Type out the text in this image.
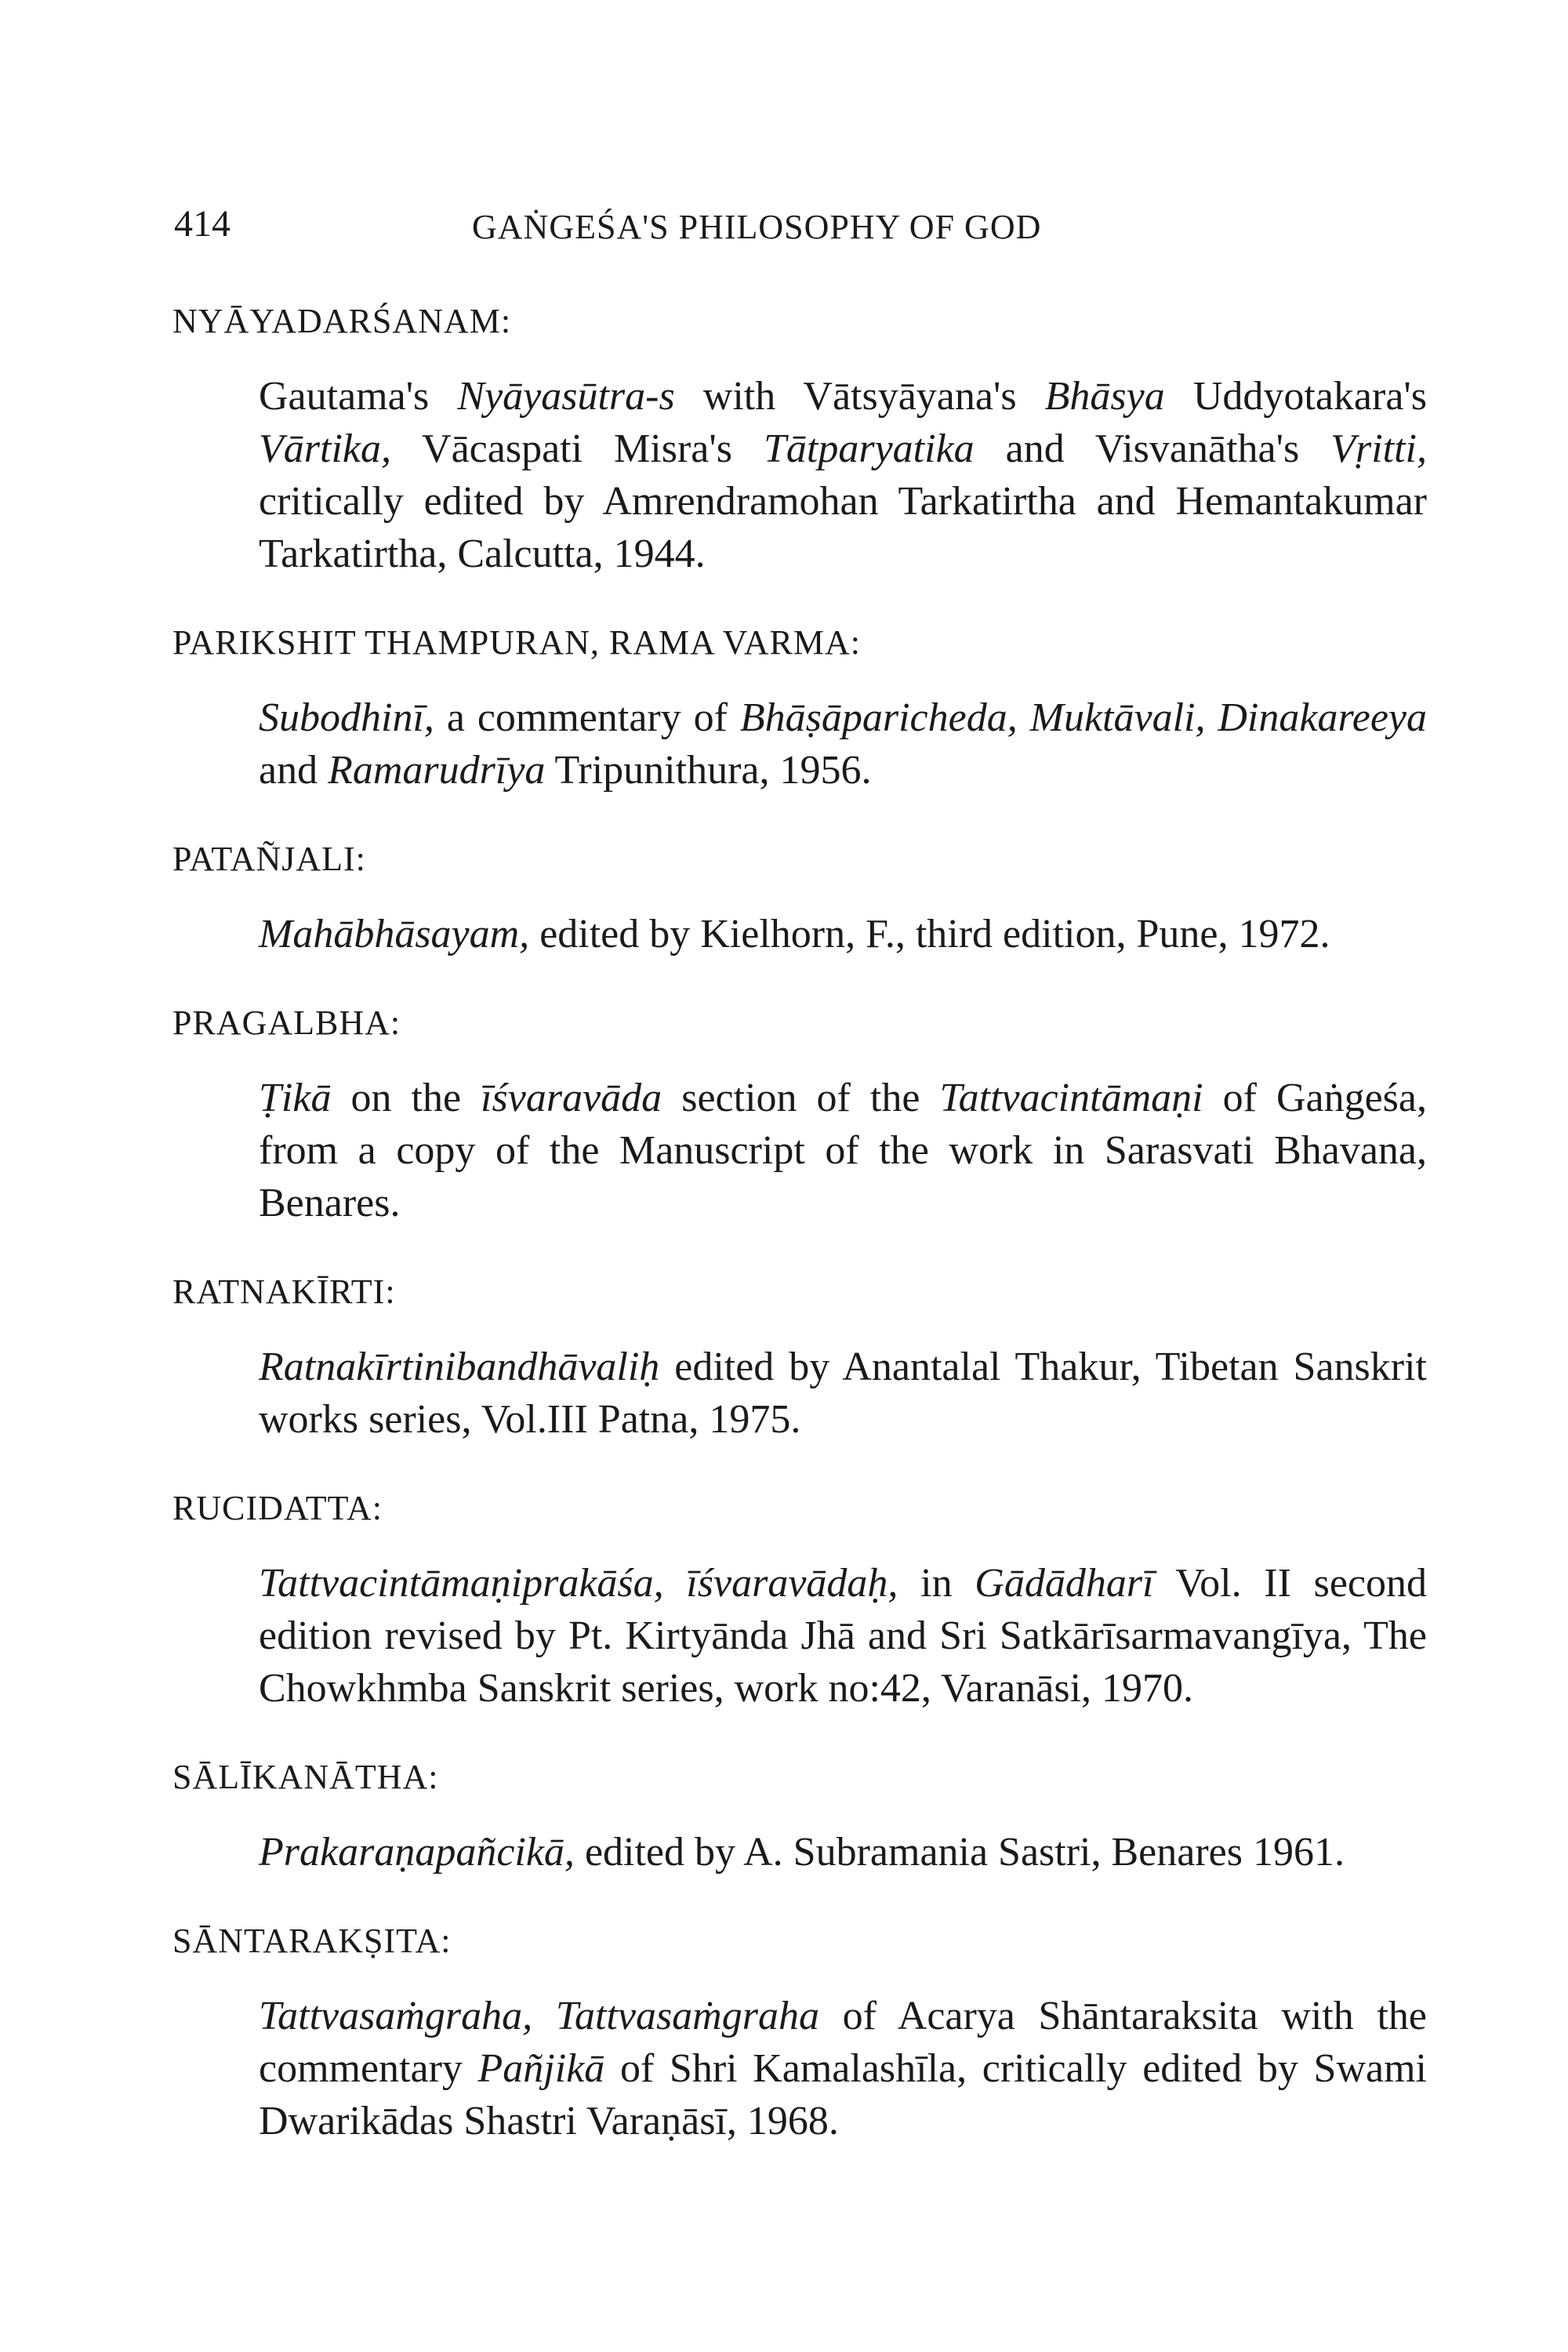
414	GAṄGEŚA'S PHILOSOPHY OF GOD
NYĀYADARŚANAM:
Gautama's Nyāyasūtra-s with Vātsyāyana's Bhāsya Uddyotakara's Vārtika, Vācaspati Misra's Tātparyatika and Visvanātha's Vṛitti, critically edited by Amrendramohan Tarkatirtha and Hemantakumar Tarkatirtha, Calcutta, 1944.
PARIKSHIT THAMPURAN, RAMA VARMA:
Subodhinī, a commentary of Bhāṣāparicheda, Muktāvali, Dinakareeya and Ramarudrīya Tripunithura, 1956.
PATAÑJALI:
Mahābhāsayam, edited by Kielhorn, F., third edition, Pune, 1972.
PRAGALBHA:
Ṭikā on the īśvaravāda section of the Tattvacintāmaṇi of Gaṅgeśa, from a copy of the Manuscript of the work in Sarasvati Bhavana, Benares.
RATNAKĪRTI:
Ratnakīrtinibandhāvaliḥ edited by Anantalal Thakur, Tibetan Sanskrit works series, Vol.III Patna, 1975.
RUCIDATTA:
Tattvacintāmaṇiprakāśa, īśvaravādaḥ, in Gādādharī Vol. II second edition revised by Pt. Kirtyānda Jhā and Sri Satkārīsarmavangīya, The Chowkhmba Sanskrit series, work no:42, Varanāsi, 1970.
SĀLĪKANĀTHA:
Prakaraṇapañcikā, edited by A. Subramania Sastri, Benares 1961.
SĀNTARAKṢITA:
Tattvasaṁgraha, Tattvasaṁgraha of Acarya Shāntaraksita with the commentary Pañjikā of Shri Kamalashīla, critically edited by Swami Dwarikādas Shastri Varaṇāsī, 1968.
